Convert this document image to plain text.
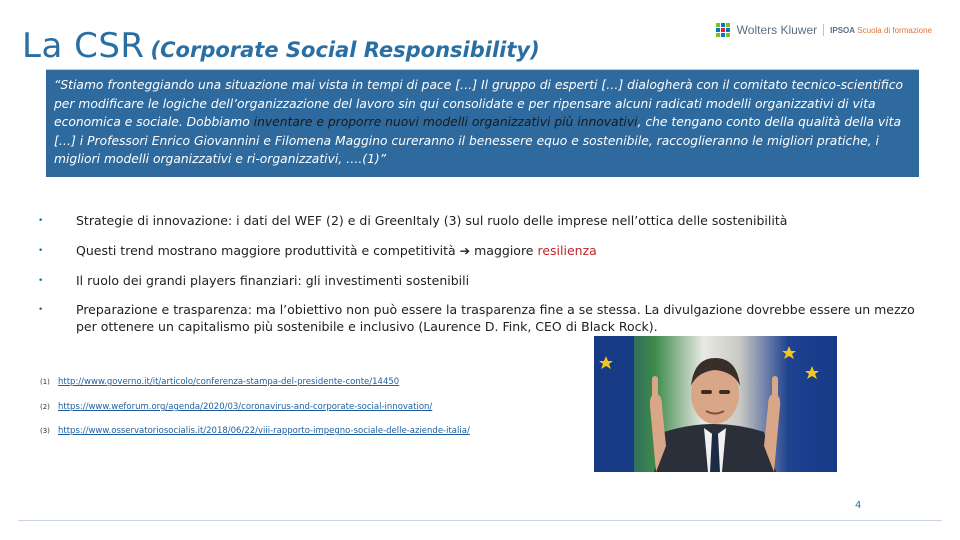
La CSR (Corporate Social Responsibility)
Wolters Kluwer IPSOA Scuola di formazione

“Stiamo fronteggiando una situazione mai vista in tempi di pace […] Il gruppo di esperti […] dialogherà con il comitato tecnico-scientifico per modificare le logiche dell’organizzazione del lavoro sin qui consolidate e per ripensare alcuni radicati modelli organizzativi di vita economica e sociale. Dobbiamo inventare e proporre nuovi modelli organizzativi più innovativi, che tengano conto della qualità della vita […] i Professori Enrico Giovannini e Filomena Maggino cureranno il benessere equo e sostenibile, raccoglieranno le migliori pratiche, i migliori modelli organizzativi e ri-organizzativi, ….(1)”

•	Strategie di innovazione: i dati del WEF (2) e di GreenItaly (3) sul ruolo delle imprese nell’ottica delle sostenibilità
•	Questi trend mostrano maggiore produttività e competitività ➔ maggiore resilienza
•	Il ruolo dei grandi players finanziari: gli investimenti sostenibili
•	Preparazione e trasparenza: ma l’obiettivo non può essere la trasparenza fine a se stessa. La divulgazione dovrebbe essere un mezzo per ottenere un capitalismo più sostenibile e inclusivo (Laurence D. Fink, CEO di Black Rock).
(1) http://www.governo.it/it/articolo/conferenza-stampa-del-presidente-conte/14450
(2) https://www.weforum.org/agenda/2020/03/coronavirus-and-corporate-social-innovation/
(3) https://www.osservatoriosocialis.it/2018/06/22/viii-rapporto-impegno-sociale-delle-aziende-italia/
4
